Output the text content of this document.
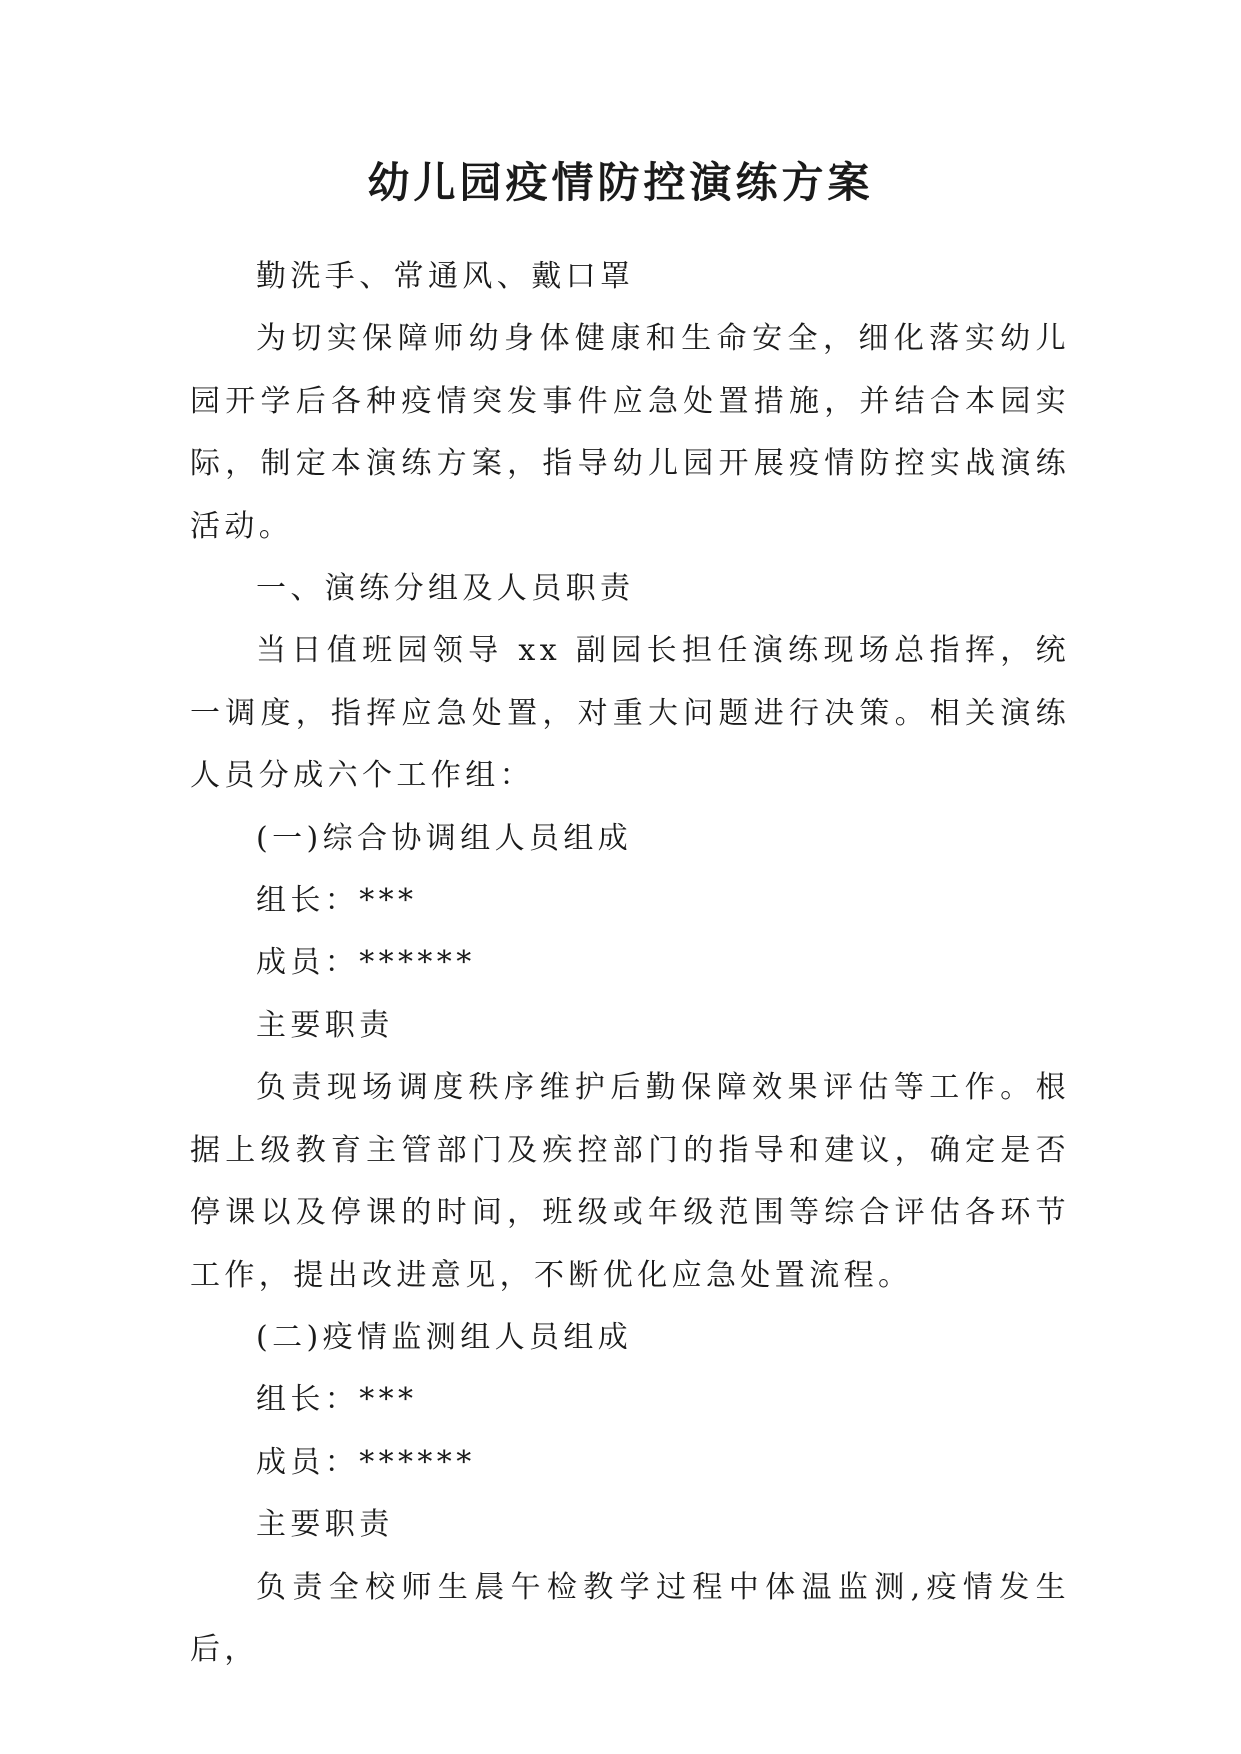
幼儿园疫情防控演练方案

勤洗手、常通风、戴口罩

为切实保障师幼身体健康和生命安全，细化落实幼儿园开学后各种疫情突发事件应急处置措施，并结合本园实际，制定本演练方案，指导幼儿园开展疫情防控实战演练活动。

一、演练分组及人员职责

当日值班园领导 xx 副园长担任演练现场总指挥，统一调度，指挥应急处置，对重大问题进行决策。相关演练人员分成六个工作组：

(一)综合协调组人员组成

组长：***

成员：******

主要职责

负责现场调度秩序维护后勤保障效果评估等工作。根据上级教育主管部门及疾控部门的指导和建议，确定是否停课以及停课的时间，班级或年级范围等综合评估各环节工作，提出改进意见，不断优化应急处置流程。

(二)疫情监测组人员组成

组长：***

成员：******

主要职责

负责全校师生晨午检教学过程中体温监测,疫情发生后，
